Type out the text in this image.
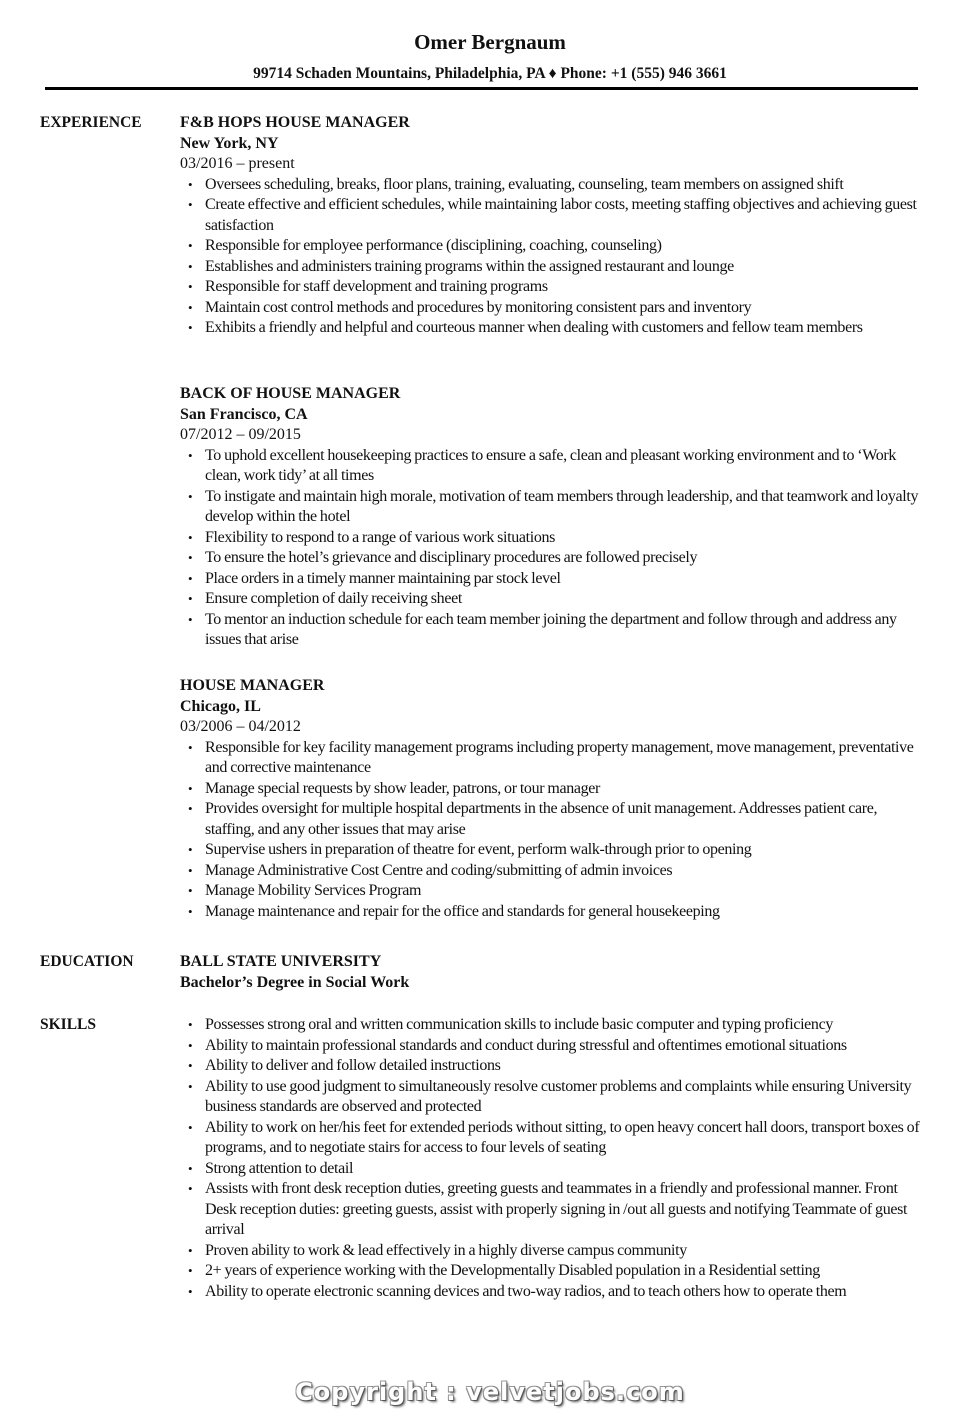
Omer Bergnaum
99714 Schaden Mountains, Philadelphia, PA ♦ Phone: +1 (555) 946 3661
EXPERIENCE F&B HOPS HOUSE MANAGER
New York, NY
03/2016 – present
• Oversees scheduling, breaks, floor plans, training, evaluating, counseling, team members on assigned shift
• Create effective and efficient schedules, while maintaining labor costs, meeting staffing objectives and achieving guest satisfaction
• Responsible for employee performance (disciplining, coaching, counseling)
• Establishes and administers training programs within the assigned restaurant and lounge
• Responsible for staff development and training programs
• Maintain cost control methods and procedures by monitoring consistent pars and inventory
• Exhibits a friendly and helpful and courteous manner when dealing with customers and fellow team members
BACK OF HOUSE MANAGER
San Francisco, CA
07/2012 – 09/2015
• To uphold excellent housekeeping practices to ensure a safe, clean and pleasant working environment and to ‘Work clean, work tidy’ at all times
• To instigate and maintain high morale, motivation of team members through leadership, and that teamwork and loyalty develop within the hotel
• Flexibility to respond to a range of various work situations
• To ensure the hotel’s grievance and disciplinary procedures are followed precisely
• Place orders in a timely manner maintaining par stock level
• Ensure completion of daily receiving sheet
• To mentor an induction schedule for each team member joining the department and follow through and address any issues that arise
HOUSE MANAGER
Chicago, IL
03/2006 – 04/2012
• Responsible for key facility management programs including property management, move management, preventative and corrective maintenance
• Manage special requests by show leader, patrons, or tour manager
• Provides oversight for multiple hospital departments in the absence of unit management. Addresses patient care, staffing, and any other issues that may arise
• Supervise ushers in preparation of theatre for event, perform walk-through prior to opening
• Manage Administrative Cost Centre and coding/submitting of admin invoices
• Manage Mobility Services Program
• Manage maintenance and repair for the office and standards for general housekeeping
EDUCATION	BALL STATE UNIVERSITY
Bachelor’s Degree in Social Work
SKILLS	• Possesses strong oral and written communication skills to include basic computer and typing proficiency
• Ability to maintain professional standards and conduct during stressful and oftentimes emotional situations
• Ability to deliver and follow detailed instructions
• Ability to use good judgment to simultaneously resolve customer problems and complaints while ensuring University business standards are observed and protected
• Ability to work on her/his feet for extended periods without sitting, to open heavy concert hall doors, transport boxes of programs, and to negotiate stairs for access to four levels of seating
• Strong attention to detail
• Assists with front desk reception duties, greeting guests and teammates in a friendly and professional manner. Front Desk reception duties: greeting guests, assist with properly signing in /out all guests and notifying Teammate of guest arrival
• Proven ability to work & lead effectively in a highly diverse campus community
• 2+ years of experience working with the Developmentally Disabled population in a Residential setting
• Ability to operate electronic scanning devices and two-way radios, and to teach others how to operate them
Copyright : velvetjobs.com
